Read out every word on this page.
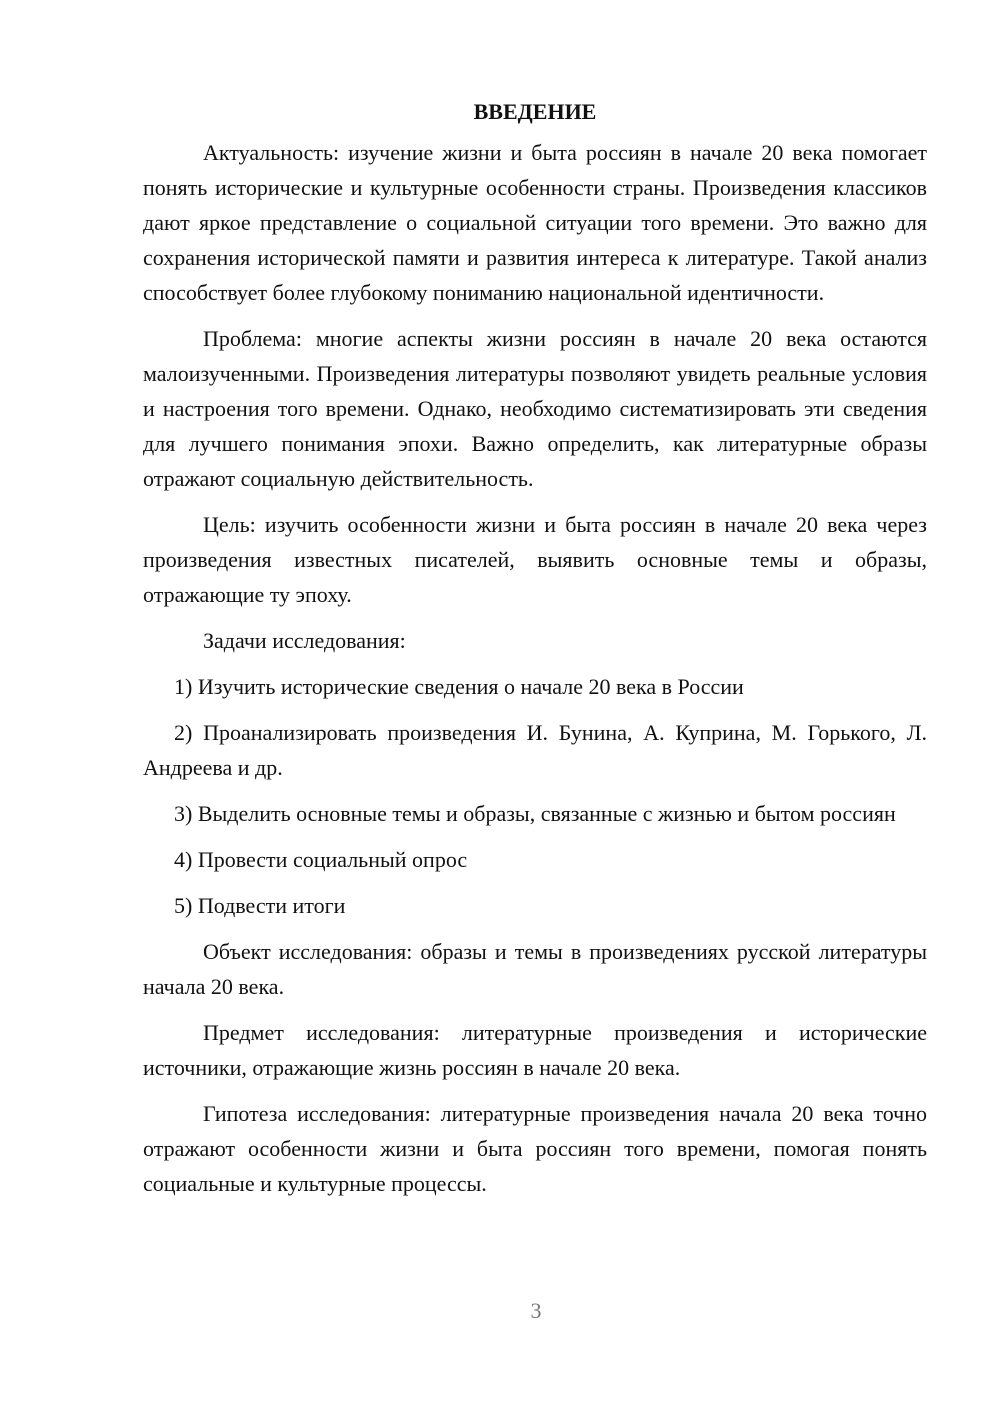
ВВЕДЕНИЕ

Актуальность: изучение жизни и быта россиян в начале 20 века помогает понять исторические и культурные особенности страны. Произведения классиков дают яркое представление о социальной ситуации того времени. Это важно для сохранения исторической памяти и развития интереса к литературе. Такой анализ способствует более глубокому пониманию национальной идентичности.

Проблема: многие аспекты жизни россиян в начале 20 века остаются малоизученными. Произведения литературы позволяют увидеть реальные условия и настроения того времени. Однако, необходимо систематизировать эти сведения для лучшего понимания эпохи. Важно определить, как литературные образы отражают социальную действительность.

Цель: изучить особенности жизни и быта россиян в начале 20 века через произведения известных писателей, выявить основные темы и образы, отражающие ту эпоху.

Задачи исследования:

1) Изучить исторические сведения о начале 20 века в России

2) Проанализировать произведения И. Бунина, А. Куприна, М. Горького, Л. Андреева и др.

3) Выделить основные темы и образы, связанные с жизнью и бытом россиян

4) Провести социальный опрос

5) Подвести итоги

Объект исследования: образы и темы в произведениях русской литературы начала 20 века.

Предмет исследования: литературные произведения и исторические источники, отражающие жизнь россиян в начале 20 века.

Гипотеза исследования: литературные произведения начала 20 века точно отражают особенности жизни и быта россиян того времени, помогая понять социальные и культурные процессы.

3
